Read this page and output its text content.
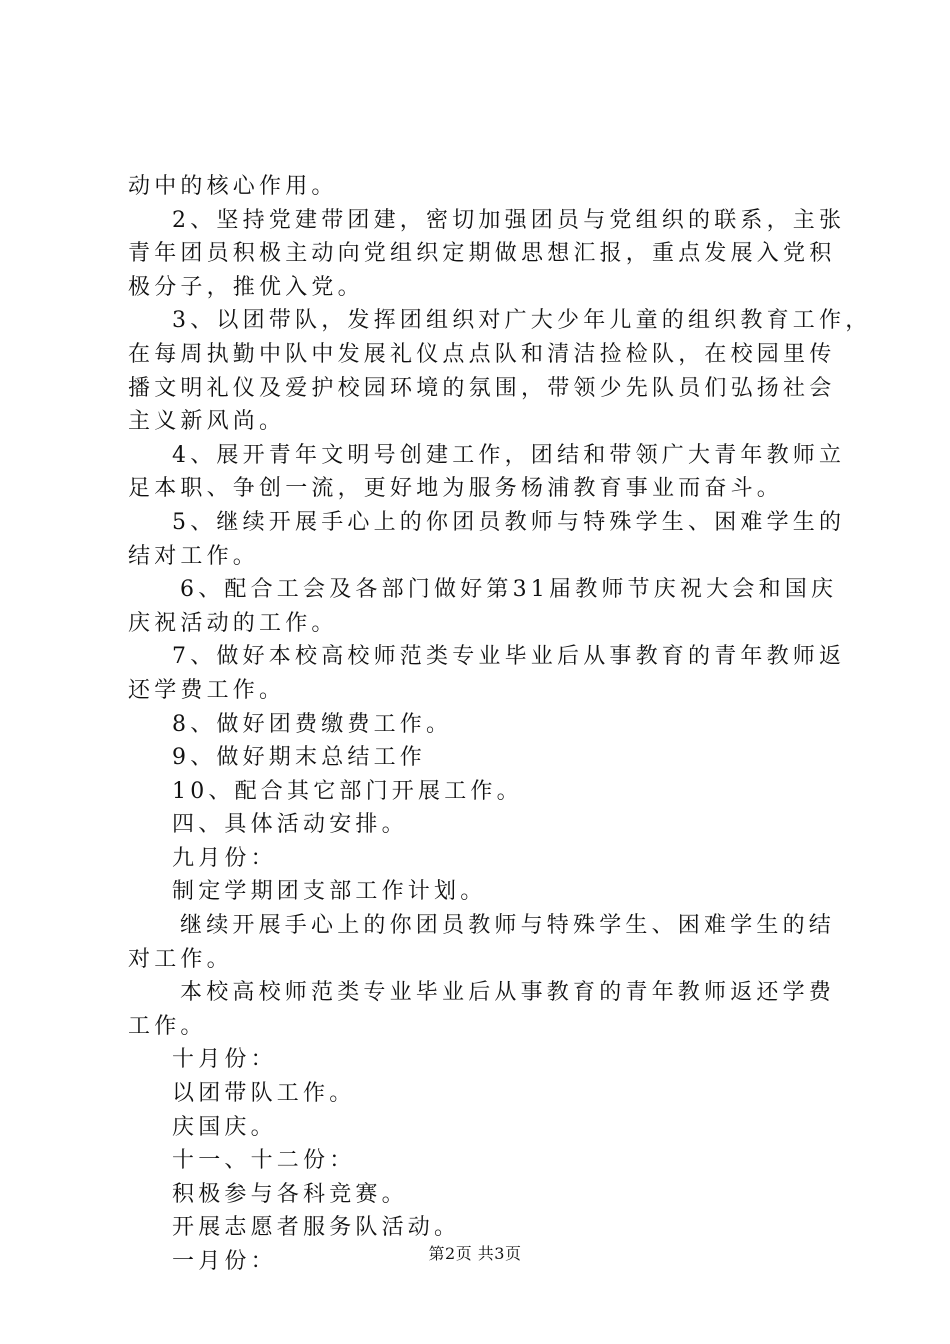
动中的核心作用。
2、坚持党建带团建，密切加强团员与党组织的联系，主张
青年团员积极主动向党组织定期做思想汇报，重点发展入党积
极分子，推优入党。
3、以团带队，发挥团组织对广大少年儿童的组织教育工作，
在每周执勤中队中发展礼仪点点队和清洁捡检队，在校园里传
播文明礼仪及爱护校园环境的氛围，带领少先队员们弘扬社会
主义新风尚。
4、展开青年文明号创建工作，团结和带领广大青年教师立
足本职、争创一流，更好地为服务杨浦教育事业而奋斗。
5、继续开展手心上的你团员教师与特殊学生、困难学生的
结对工作。
6、配合工会及各部门做好第31届教师节庆祝大会和国庆
庆祝活动的工作。
7、做好本校高校师范类专业毕业后从事教育的青年教师返
还学费工作。
8、做好团费缴费工作。
9、做好期末总结工作
10、配合其它部门开展工作。
四、具体活动安排。
九月份：
制定学期团支部工作计划。
继续开展手心上的你团员教师与特殊学生、困难学生的结
对工作。
本校高校师范类专业毕业后从事教育的青年教师返还学费
工作。
十月份：
以团带队工作。
庆国庆。
十一、十二份：
积极参与各科竞赛。
开展志愿者服务队活动。
一月份：	第2页 共3页
